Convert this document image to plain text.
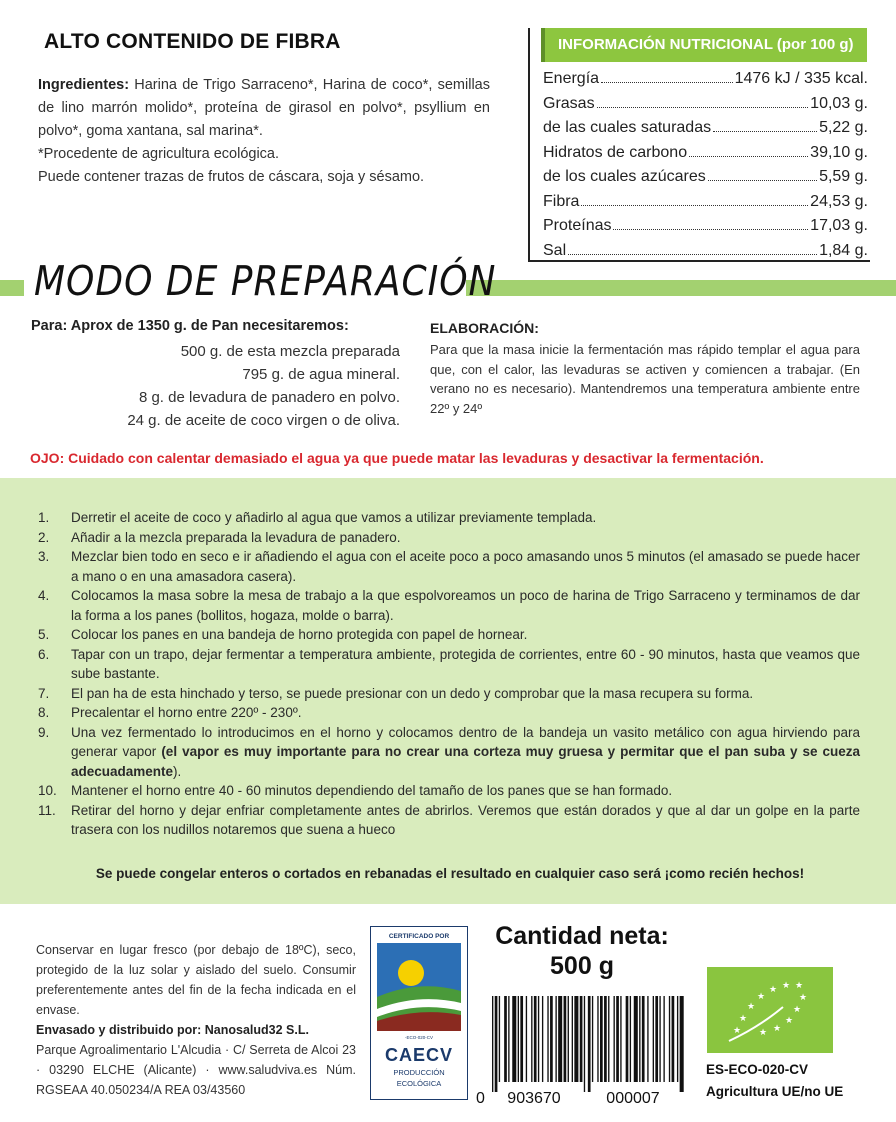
ALTO CONTENIDO DE FIBRA

Ingredientes: Harina de Trigo Sarraceno*, Harina de coco*, semillas de lino marrón molido*, proteína de girasol en polvo*, psyllium en polvo*, goma xantana, sal marina*.

*Procedente de agricultura ecológica.

Puede contener trazas de frutos de cáscara, soja y sésamo.

INFORMACIÓN NUTRICIONAL (por 100 g)
Energía	1476 kJ / 335 kcal.
Grasas	10,03 g.
de las cuales saturadas	5,22 g.
Hidratos de carbono	39,10 g.
de los cuales azúcares	5,59 g.
Fibra	24,53 g.
Proteínas	17,03 g.
Sal	1,84 g.
MODO DE PREPARACIÓN
Para: Aprox de 1350 g. de Pan necesitaremos:
500 g. de esta mezcla preparada
795 g. de agua mineral.
8 g. de levadura de panadero en polvo.
24 g. de aceite de coco virgen o de oliva.
ELABORACIÓN:
Para que la masa inicie la fermentación mas rápido templar el agua para que, con el calor, las levaduras se activen y comiencen a trabajar. (En verano no es necesario). Mantendremos una temperatura ambiente entre 22º y 24º
OJO: Cuidado con calentar demasiado el agua ya que puede matar las levaduras y desactivar la fermentación.
1.	Derretir el aceite de coco y añadirlo al agua que vamos a utilizar previamente templada.
2.	Añadir a la mezcla preparada la levadura de panadero.
3.	Mezclar bien todo en seco e ir añadiendo el agua con el aceite poco a poco amasando unos 5 minutos (el amasado se puede hacer a mano o en una amasadora casera).
4.	Colocamos la masa sobre la mesa de trabajo a la que espolvoreamos un poco de harina de Trigo Sarraceno y terminamos de dar la forma a los panes (bollitos, hogaza, molde o barra).
5.	Colocar los panes en una bandeja de horno protegida con papel de hornear.
6.	Tapar con un trapo, dejar fermentar a temperatura ambiente, protegida de corrientes, entre 60 - 90 minutos, hasta que veamos que sube bastante.
7.	El pan ha de esta hinchado y terso, se puede presionar con un dedo y comprobar que la masa recupera su forma.
8.	Precalentar el horno entre 220º - 230º.
9.	Una vez fermentado lo introducimos en el horno y colocamos dentro de la bandeja un vasito metálico con agua hirviendo para generar vapor (el vapor es muy importante para no crear una corteza muy gruesa y permitar que el pan suba y se cueza adecuadamente).
10.	Mantener el horno entre 40 - 60 minutos dependiendo del tamaño de los panes que se han formado.
11.	Retirar del horno y dejar enfriar completamente antes de abrirlos. Veremos que están dorados y que al dar un golpe en la parte trasera con los nudillos notaremos que suena a hueco
Se puede congelar enteros o cortados en rebanadas el resultado en cualquier caso será ¡como recién hechos!

Conservar en lugar fresco (por debajo de 18ºC), seco, protegido de la luz solar y aislado del suelo. Consumir preferentemente antes del fin de la fecha indicada en el envase.

Envasado y distribuido por: Nanosalud32 S.L.

Parque Agroalimentario L'Alcudia · C/ Serreta de Alcoi 23 · 03290 ELCHE (Alicante) · www.saludviva.es Núm. RGSEAA 40.050234/A REA 03/43560

CERTIFICADO POR
-ECO-020-CV
CAECV
PRODUCCIÓN
ECOLÓGICA
Cantidad neta:
500 g
0 903670	000007
★
★
★
★
★ ★ ★
★
★
★
★
★
ES-ECO-020-CV
Agricultura UE/no UE
